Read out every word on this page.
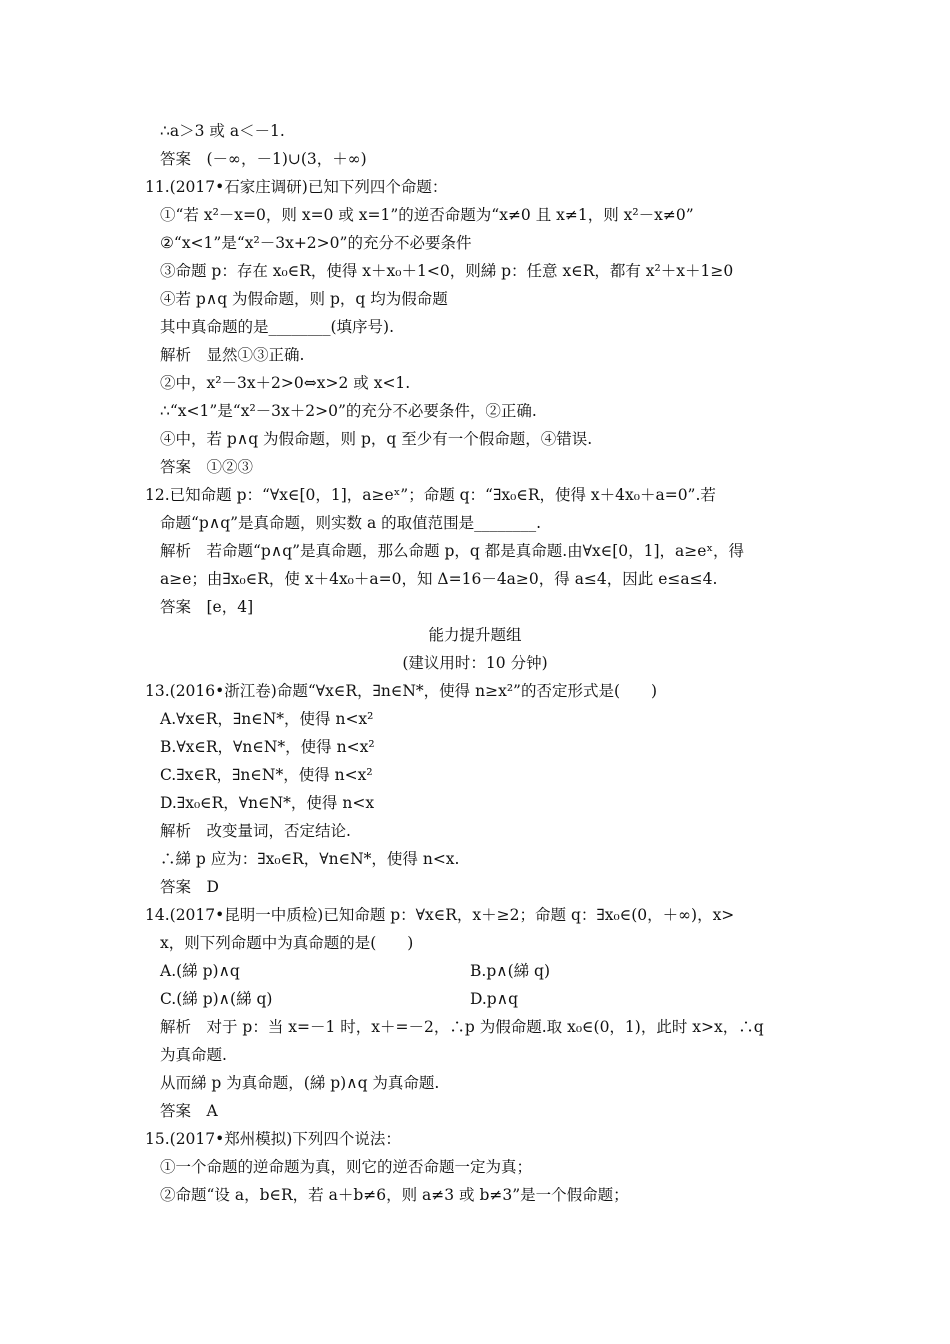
∴a＞3 或 a＜－1.
答案　(－∞，－1)∪(3，＋∞)
11.(2017•石家庄调研)已知下列四个命题：
①“若 x²－x=0，则 x=0 或 x=1”的逆否命题为“x≠0 且 x≠1，则 x²－x≠0”
②“x<1”是“x²－3x+2>0”的充分不必要条件
③命题 p：存在 x₀∈R，使得 x＋x₀＋1<0，则綈 p：任意 x∈R，都有 x²＋x＋1≥0
④若 p∧q 为假命题，则 p，q 均为假命题
其中真命题的是________(填序号).
解析　显然①③正确.
②中，x²－3x＋2>0⇔x>2 或 x<1.
∴“x<1”是“x²－3x＋2>0”的充分不必要条件，②正确.
④中，若 p∧q 为假命题，则 p，q 至少有一个假命题，④错误.
答案　①②③
12.已知命题 p：“∀x∈[0，1]，a≥eˣ”；命题 q：“∃x₀∈R，使得 x＋4x₀＋a=0”.若
命题“p∧q”是真命题，则实数 a 的取值范围是________.
解析　若命题“p∧q”是真命题，那么命题 p，q 都是真命题.由∀x∈[0，1]，a≥eˣ，得
a≥e；由∃x₀∈R，使 x＋4x₀＋a=0，知 Δ=16－4a≥0，得 a≤4，因此 e≤a≤4.
答案　[e，4]
能力提升题组
(建议用时：10 分钟)
13.(2016•浙江卷)命题“∀x∈R，∃n∈N*，使得 n≥x²”的否定形式是(　　)
A.∀x∈R，∃n∈N*，使得 n<x²
B.∀x∈R，∀n∈N*，使得 n<x²
C.∃x∈R，∃n∈N*，使得 n<x²
D.∃x₀∈R，∀n∈N*，使得 n<x
解析　改变量词，否定结论.
∴綈 p 应为：∃x₀∈R，∀n∈N*，使得 n<x.
答案　D
14.(2017•昆明一中质检)已知命题 p：∀x∈R，x＋≥2；命题 q：∃x₀∈(0，＋∞)，x>
x，则下列命题中为真命题的是(　　)
A.(綈 p)∧q	B.p∧(綈 q)
C.(綈 p)∧(綈 q)	D.p∧q
解析　对于 p：当 x=－1 时，x＋=－2，∴p 为假命题.取 x₀∈(0，1)，此时 x>x，∴q
为真命题.
从而綈 p 为真命题，(綈 p)∧q 为真命题.
答案　A
15.(2017•郑州模拟)下列四个说法：
①一个命题的逆命题为真，则它的逆否命题一定为真；
②命题“设 a，b∈R，若 a＋b≠6，则 a≠3 或 b≠3”是一个假命题；
